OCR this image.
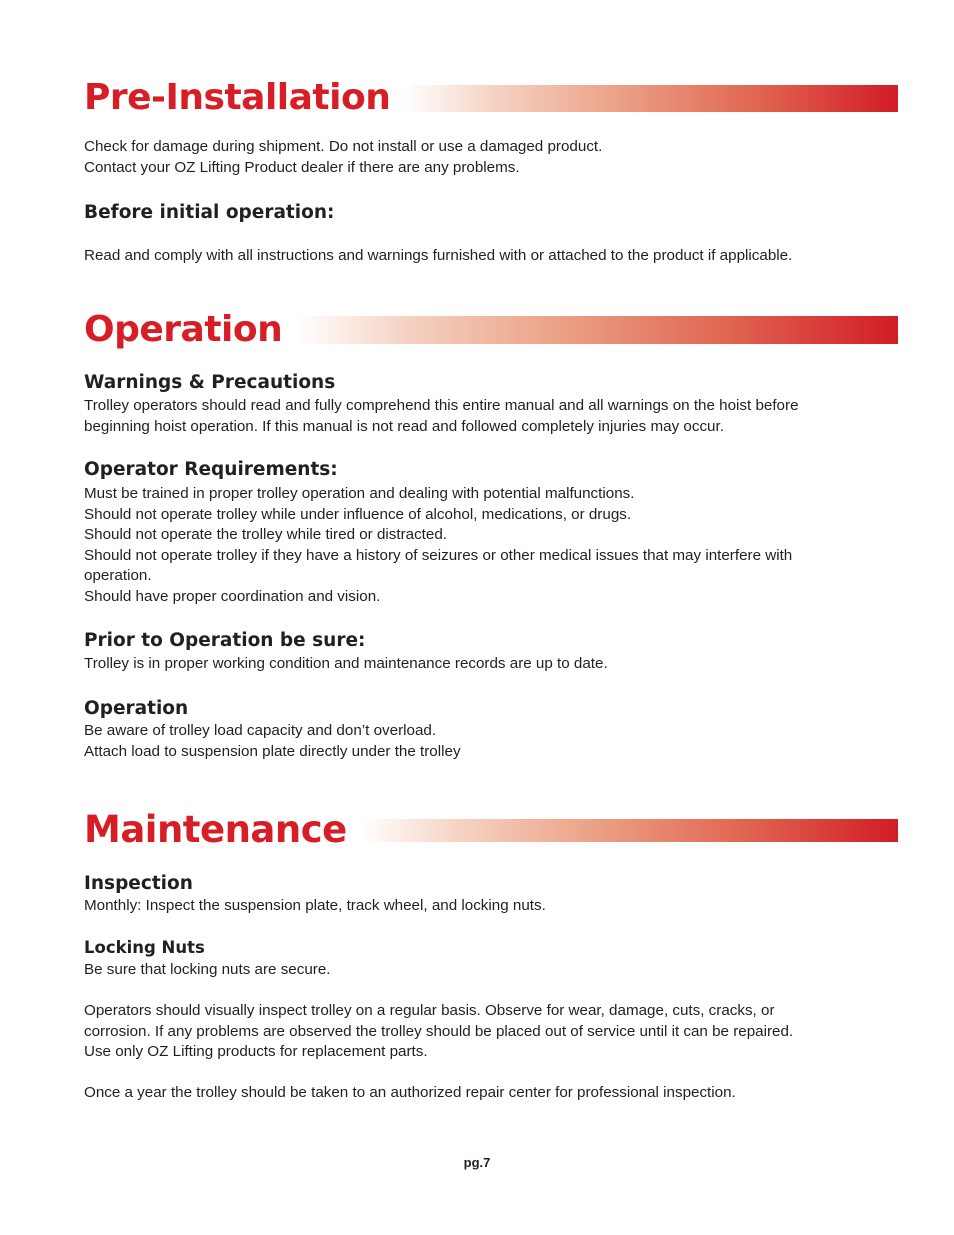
Pre-Installation

Check for damage during shipment. Do not install or use a damaged product.

Contact your OZ Lifting Product dealer if there are any problems.

Before initial operation:

Read and comply with all instructions and warnings furnished with or attached to the product if applicable.

Operation
Warnings & Precautions

Trolley operators should read and fully comprehend this entire manual and all warnings on the hoist before

beginning hoist operation. If this manual is not read and followed completely injuries may occur.

Operator Requirements:

Must be trained in proper trolley operation and dealing with potential malfunctions.

Should not operate trolley while under influence of alcohol, medications, or drugs.

Should not operate the trolley while tired or distracted.

Should not operate trolley if they have a history of seizures or other medical issues that may interfere with

operation.

Should have proper coordination and vision.

Prior to Operation be sure:

Trolley is in proper working condition and maintenance records are up to date.

Operation

Be aware of trolley load capacity and don’t overload.

Attach load to suspension plate directly under the trolley

Maintenance
Inspection

Monthly: Inspect the suspension plate, track wheel, and locking nuts.

Locking Nuts

Be sure that locking nuts are secure.

Operators should visually inspect trolley on a regular basis. Observe for wear, damage, cuts, cracks, or

corrosion. If any problems are observed the trolley should be placed out of service until it can be repaired.

Use only OZ Lifting products for replacement parts.

Once a year the trolley should be taken to an authorized repair center for professional inspection.

pg.7
